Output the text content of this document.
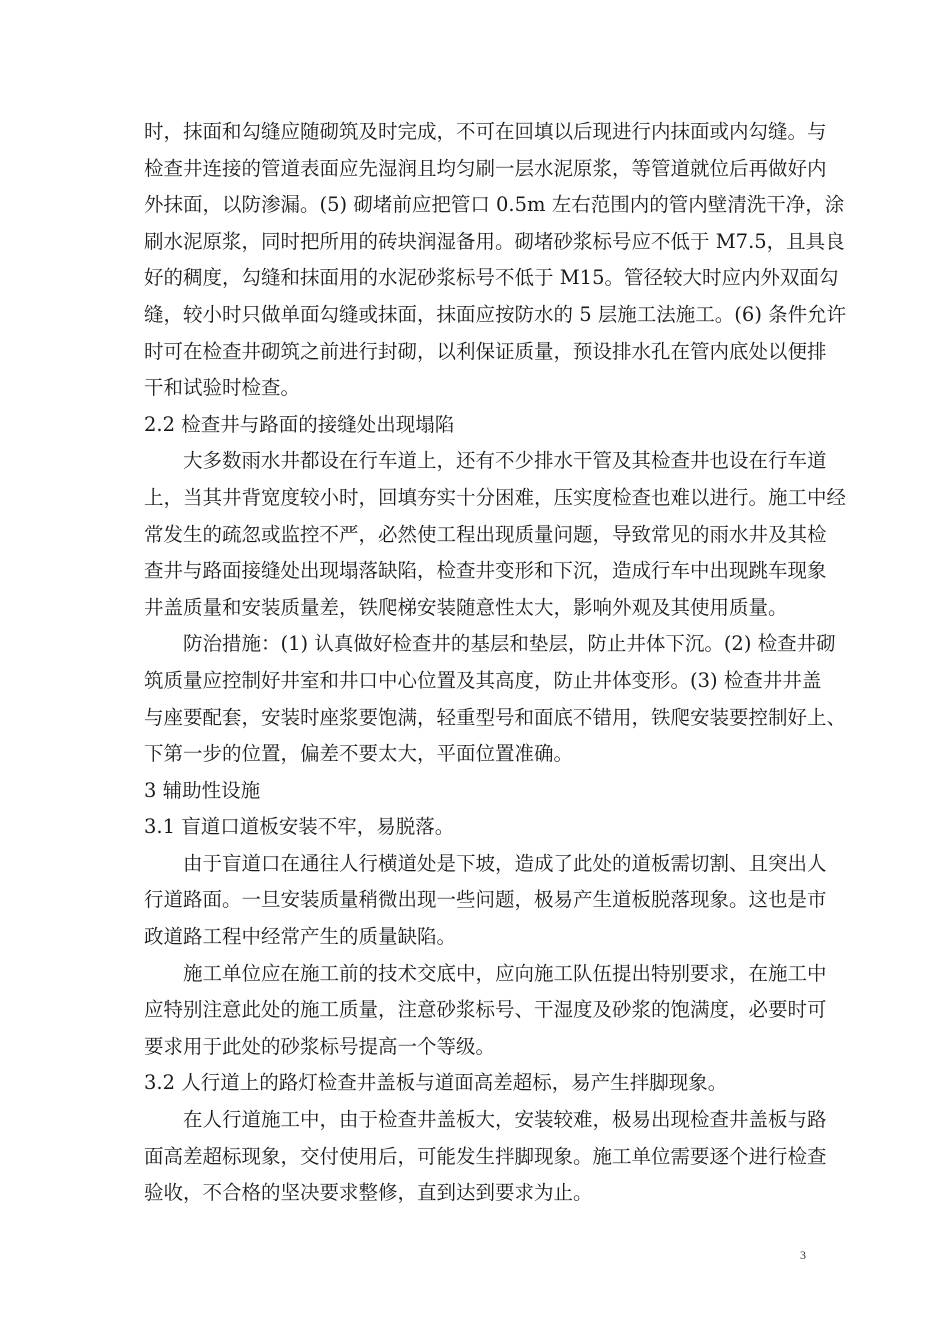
时，抹面和勾缝应随砌筑及时完成，不可在回填以后现进行内抹面或内勾缝。与
检查井连接的管道表面应先湿润且均匀刷一层水泥原浆，等管道就位后再做好内
外抹面，以防渗漏。(5) 砌堵前应把管口 0.5m 左右范围内的管内壁清洗干净，涂
刷水泥原浆，同时把所用的砖块润湿备用。砌堵砂浆标号应不低于 M7.5，且具良
好的稠度，勾缝和抹面用的水泥砂浆标号不低于 M15。管径较大时应内外双面勾
缝，较小时只做单面勾缝或抹面，抹面应按防水的 5 层施工法施工。(6) 条件允许
时可在检查井砌筑之前进行封砌，以利保证质量，预设排水孔在管内底处以便排
干和试验时检查。
2.2 检查井与路面的接缝处出现塌陷
大多数雨水井都设在行车道上，还有不少排水干管及其检查井也设在行车道
上，当其井背宽度较小时，回填夯实十分困难，压实度检查也难以进行。施工中经
常发生的疏忽或监控不严，必然使工程出现质量问题，导致常见的雨水井及其检
查井与路面接缝处出现塌落缺陷，检查井变形和下沉，造成行车中出现跳车现象
井盖质量和安装质量差，铁爬梯安装随意性太大，影响外观及其使用质量。
防治措施：(1) 认真做好检查井的基层和垫层，防止井体下沉。(2) 检查井砌
筑质量应控制好井室和井口中心位置及其高度，防止井体变形。(3) 检查井井盖
与座要配套，安装时座浆要饱满，轻重型号和面底不错用，铁爬安装要控制好上、
下第一步的位置，偏差不要太大，平面位置准确。
3 辅助性设施
3.1 盲道口道板安装不牢，易脱落。
由于盲道口在通往人行横道处是下坡，造成了此处的道板需切割、且突出人
行道路面。一旦安装质量稍微出现一些问题，极易产生道板脱落现象。这也是市
政道路工程中经常产生的质量缺陷。
施工单位应在施工前的技术交底中，应向施工队伍提出特别要求，在施工中
应特别注意此处的施工质量，注意砂浆标号、干湿度及砂浆的饱满度，必要时可
要求用于此处的砂浆标号提高一个等级。
3.2 人行道上的路灯检查井盖板与道面高差超标，易产生拌脚现象。
在人行道施工中，由于检查井盖板大，安装较难，极易出现检查井盖板与路
面高差超标现象，交付使用后，可能发生拌脚现象。施工单位需要逐个进行检查
验收，不合格的坚决要求整修，直到达到要求为止。
3
